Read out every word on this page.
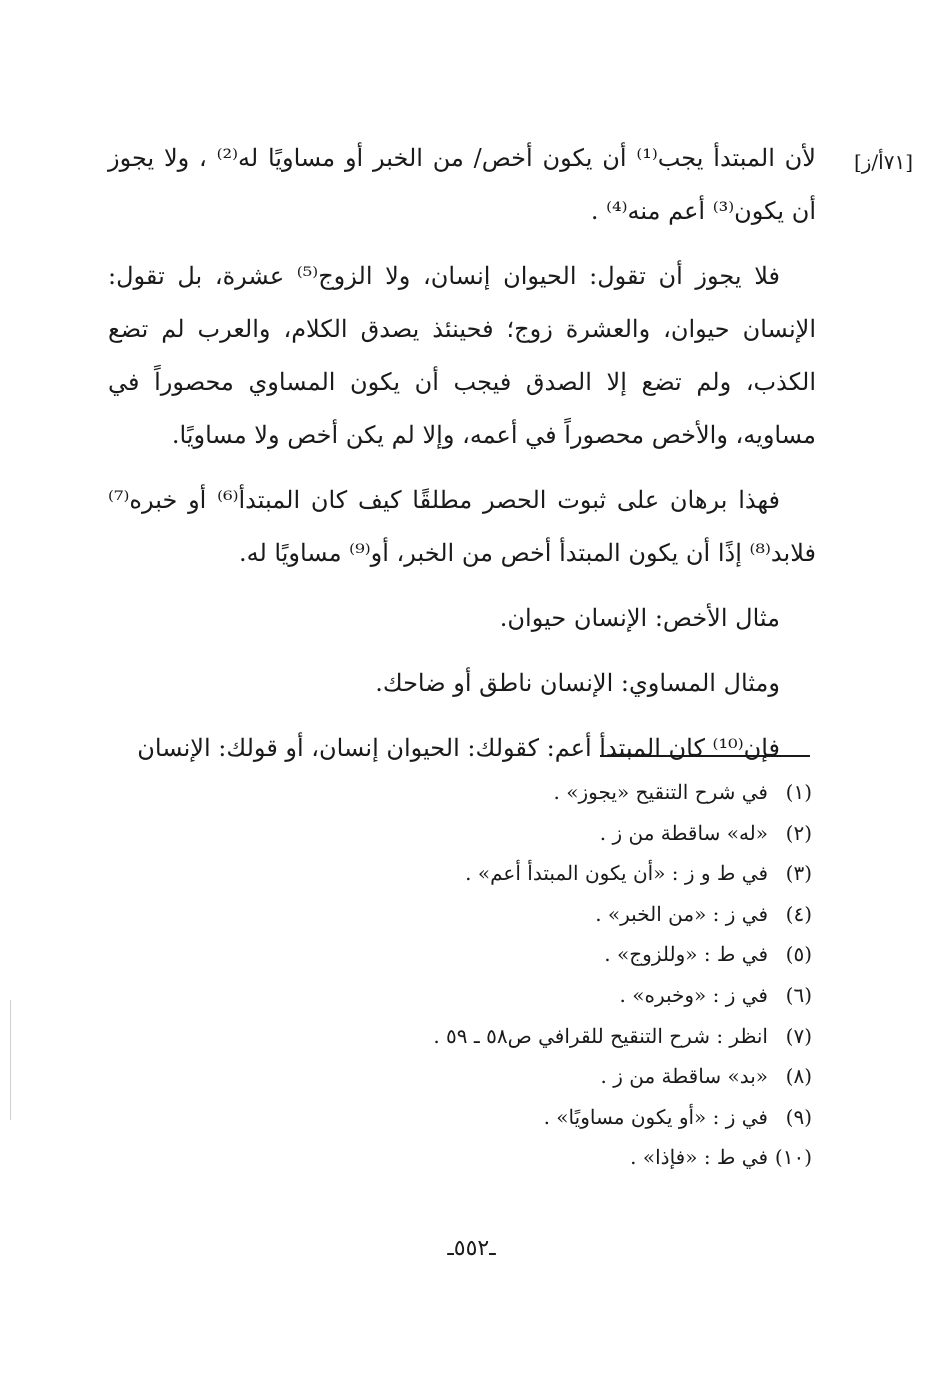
[٧١أ/ز]

لأن المبتدأ يجب⁽¹⁾ أن يكون أخص/ من الخبر أو مساويًا له⁽²⁾ ، ولا يجوز أن يكون⁽³⁾ أعم منه⁽⁴⁾ .

فلا يجوز أن تقول: الحيوان إنسان، ولا الزوج⁽⁵⁾ عشرة، بل تقول: الإنسان حيوان، والعشرة زوج؛ فحينئذ يصدق الكلام، والعرب لم تضع الكذب، ولم تضع إلا الصدق فيجب أن يكون المساوي محصوراً في مساويه، والأخص محصوراً في أعمه، وإلا لم يكن أخص ولا مساويًا.

فهذا برهان على ثبوت الحصر مطلقًا كيف كان المبتدأ⁽⁶⁾ أو خبره⁽⁷⁾ فلابد⁽⁸⁾ إذًا أن يكون المبتدأ أخص من الخبر، أو⁽⁹⁾ مساويًا له.

مثال الأخص: الإنسان حيوان.

ومثال المساوي: الإنسان ناطق أو ضاحك.

فإن⁽¹⁰⁾ كان المبتدأ أعم: كقولك: الحيوان إنسان، أو قولك: الإنسان

(١)في شرح التنقيح «يجوز» .
(٢)«له» ساقطة من ز .
(٣)في ط و ز : «أن يكون المبتدأ أعم» .
(٤)في ز : «من الخبر» .
(٥)في ط : «وللزوج» .
(٦)في ز : «وخبره» .
(٧)انظر : شرح التنقيح للقرافي ص٥٨ ـ ٥٩ .
(٨)«بد» ساقطة من ز .
(٩)في ز : «أو يكون مساويًا» .
(١٠)في ط : «فإذا» .
ـ٥٥٢ـ
